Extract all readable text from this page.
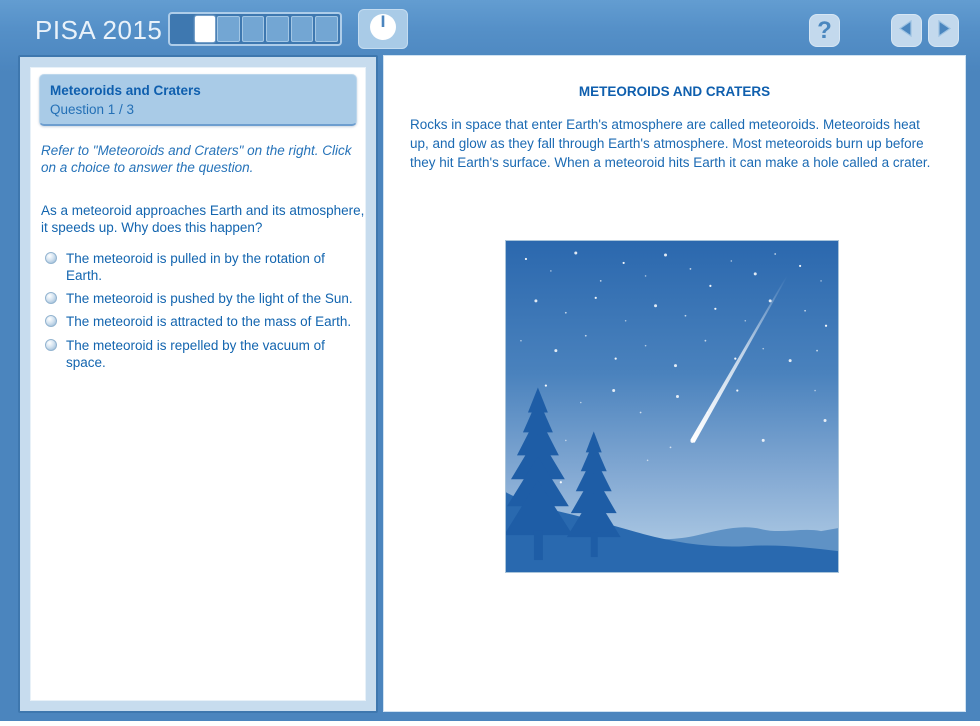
PISA 2015	?
Meteoroids and Craters
Question 1 / 3
Refer to "Meteoroids and Craters" on the right. Click on a choice to answer the question.
As a meteoroid approaches Earth and its atmosphere, it speeds up. Why does this happen?
The meteoroid is pulled in by the rotation of Earth.
The meteoroid is pushed by the light of the Sun.
The meteoroid is attracted to the mass of Earth.
The meteoroid is repelled by the vacuum of space.
METEOROIDS AND CRATERS
Rocks in space that enter Earth's atmosphere are called meteoroids. Meteoroids heat up, and glow as they fall through Earth's atmosphere. Most meteoroids burn up before they hit Earth's surface. When a meteoroid hits Earth it can make a hole called a crater.
